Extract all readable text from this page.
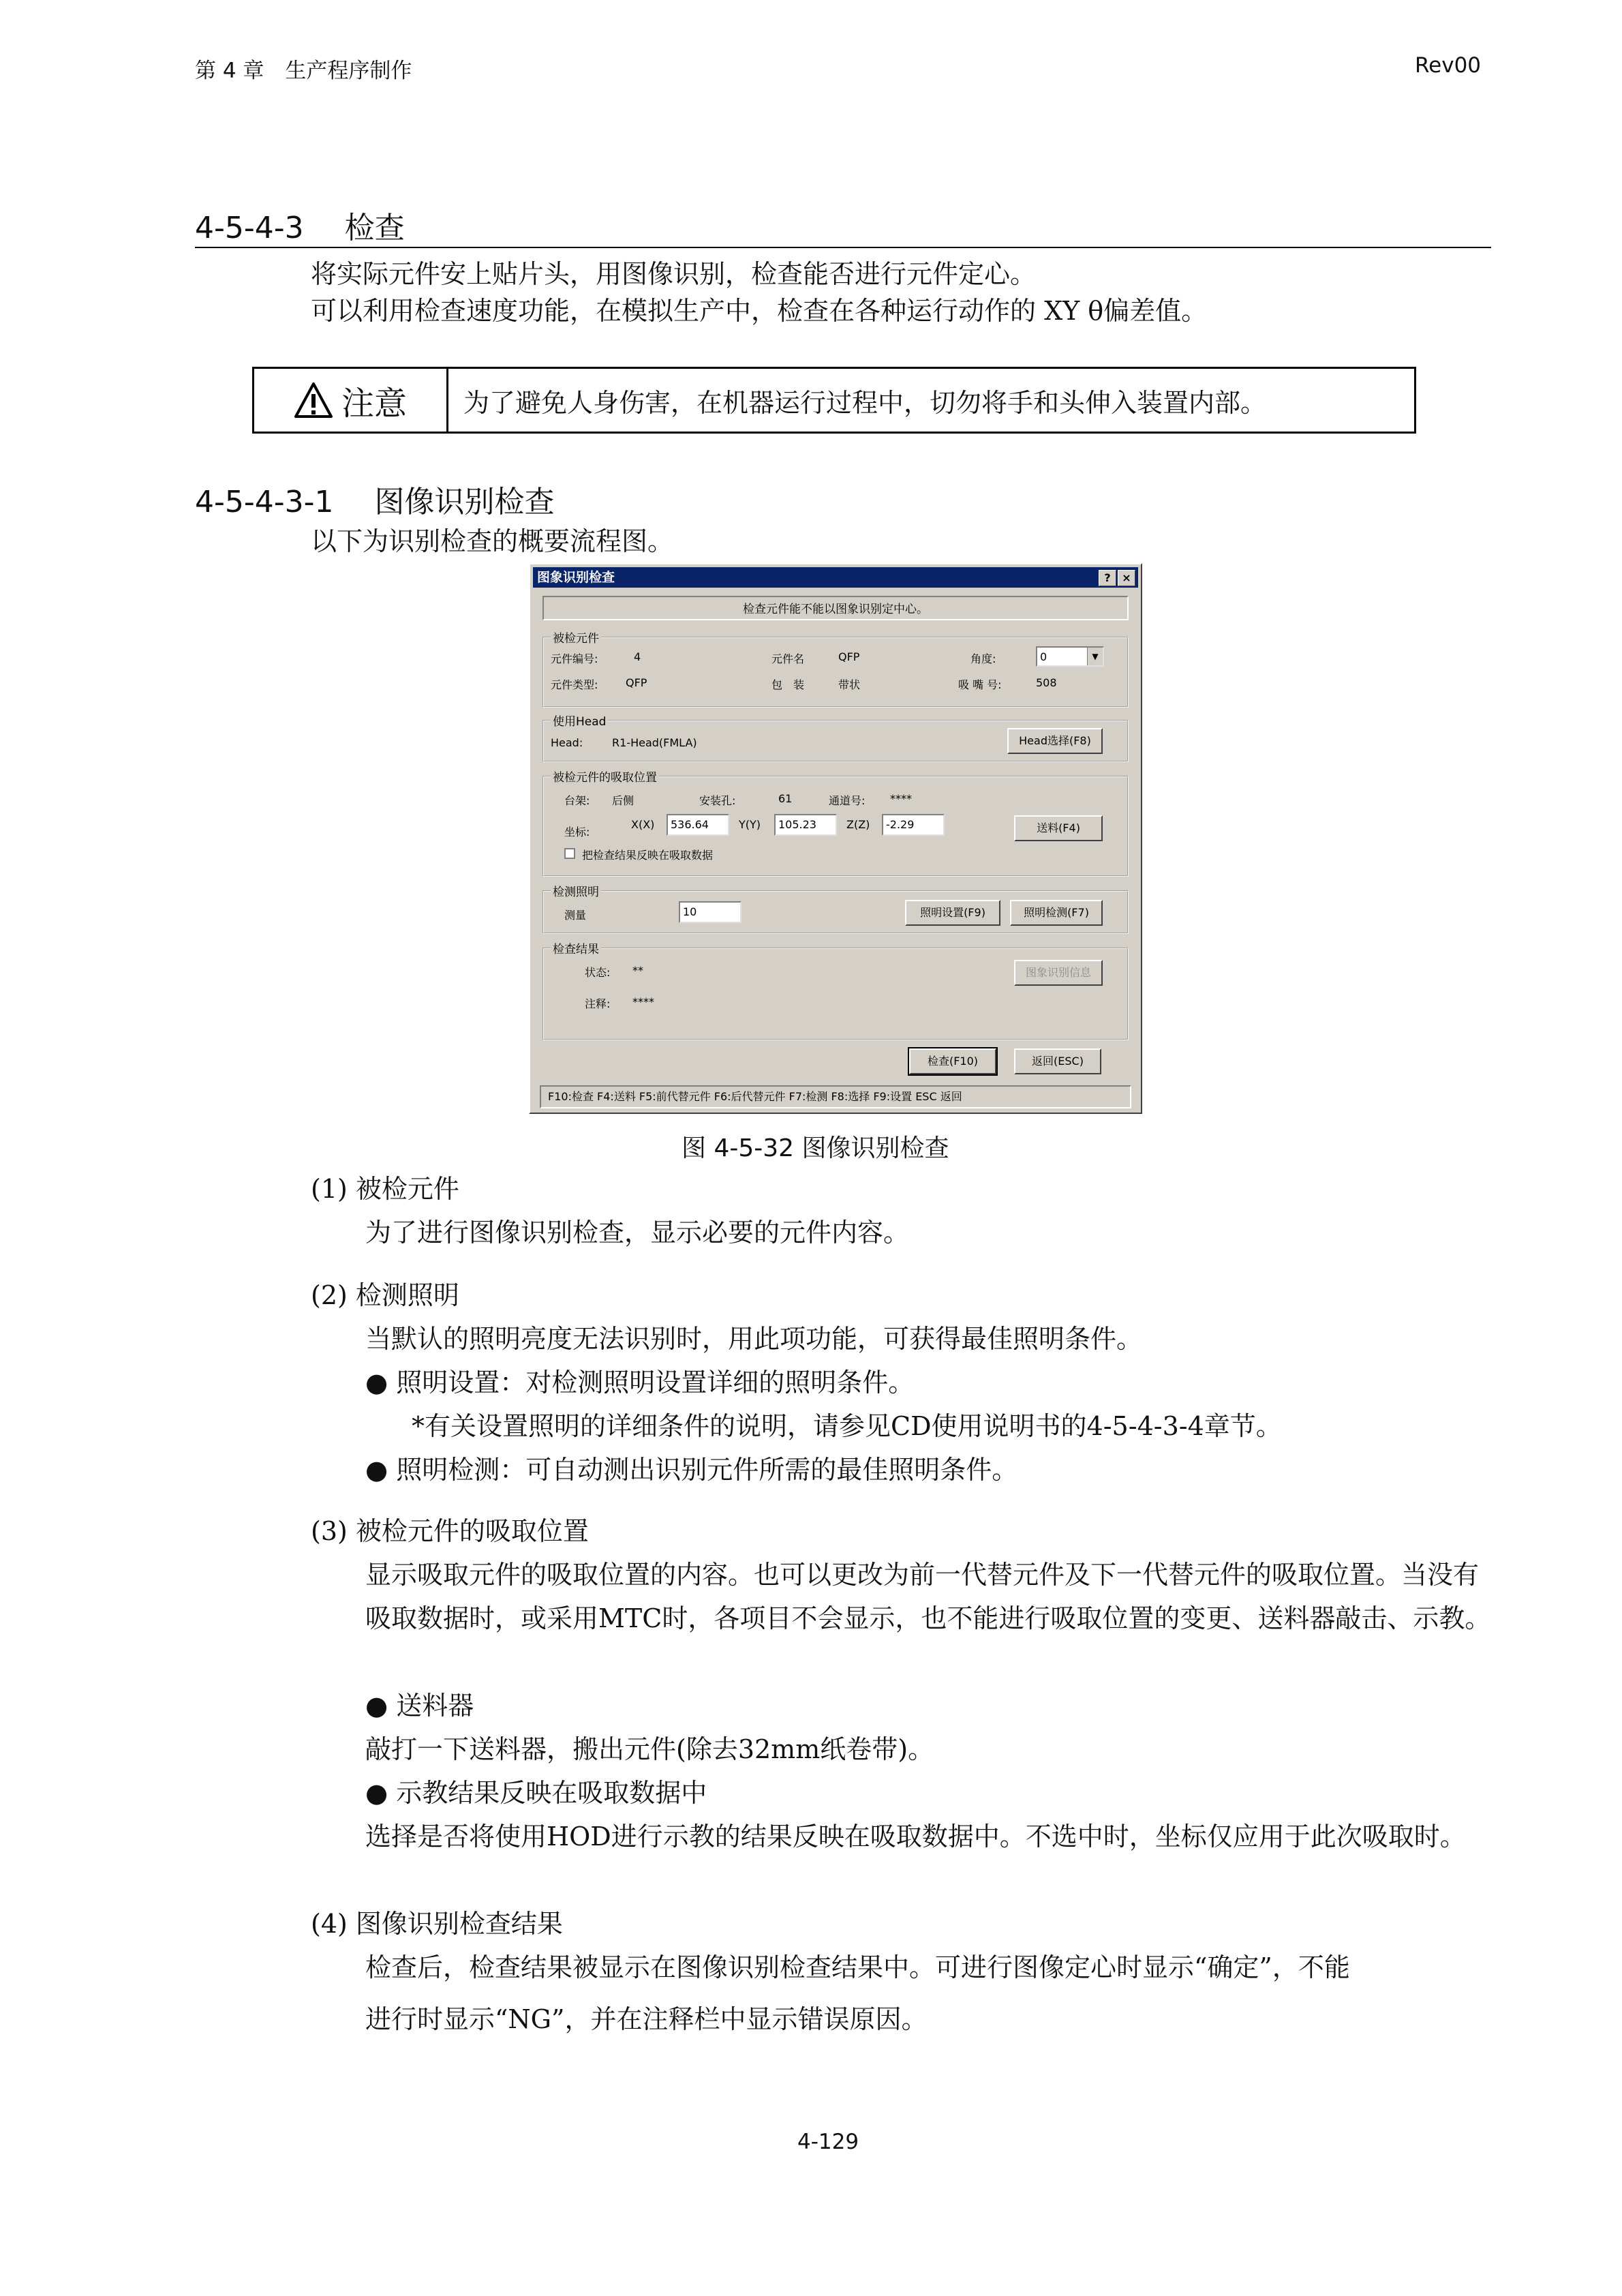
第 4 章　生产程序制作	Rev00
4-5-4-3 检查
将实际元件安上贴片头，用图像识别，检查能否进行元件定心。
可以利用检查速度功能，在模拟生产中，检查在各种运行动作的 XY θ偏差值。
注意	为了避免人身伤害，在机器运行过程中，切勿将手和头伸入装置内部。
4-5-4-3-1 图像识别检查
以下为识别检查的概要流程图。
图象识别检查	?	×
检查元件能不能以图象识别定中心。
被检元件
元件编号:	4	元件名	QFP	角度:	0	▼
元件类型:	QFP	包　装	带状	吸 嘴 号:	508
使用Head
Head:	R1-Head(FMLA)	Head选择(F8)
被检元件的吸取位置
台架: 后侧	安装孔:	61	通道号: ****
坐标:
X(X)	536.64	Y(Y)	105.23	Z(Z)	-2.29	送料(F4)
把检查结果反映在吸取数据
检测照明
测量	10	照明设置(F9)	照明检测(F7)
检查结果
状态: **
注释: ****
图象识别信息
检查(F10)	返回(ESC)
F10:检查 F4:送料 F5:前代替元件 F6:后代替元件 F7:检测 F8:选择 F9:设置 ESC 返回
图 4-5-32 图像识别检查
(1) 被检元件
为了进行图像识别检查，显示必要的元件内容。
(2) 检测照明
当默认的照明亮度无法识别时，用此项功能，可获得最佳照明条件。
● 照明设置：对检测照明设置详细的照明条件。
*有关设置照明的详细条件的说明，请参见CD使用说明书的4-5-4-3-4章节。
● 照明检测：可自动测出识别元件所需的最佳照明条件。
(3) 被检元件的吸取位置
显示吸取元件的吸取位置的内容。也可以更改为前一代替元件及下一代替元件的吸取位置。当没有吸取数据时，或采用MTC时，各项目不会显示，也不能进行吸取位置的变更、送料器敲击、示教。
● 送料器
敲打一下送料器，搬出元件(除去32mm纸卷带)。
● 示教结果反映在吸取数据中
选择是否将使用HOD进行示教的结果反映在吸取数据中。不选中时，坐标仅应用于此次吸取时。
(4) 图像识别检查结果
检查后，检查结果被显示在图像识别检查结果中。可进行图像定心时显示“确定”，不能
进行时显示“NG”，并在注释栏中显示错误原因。
4-129
